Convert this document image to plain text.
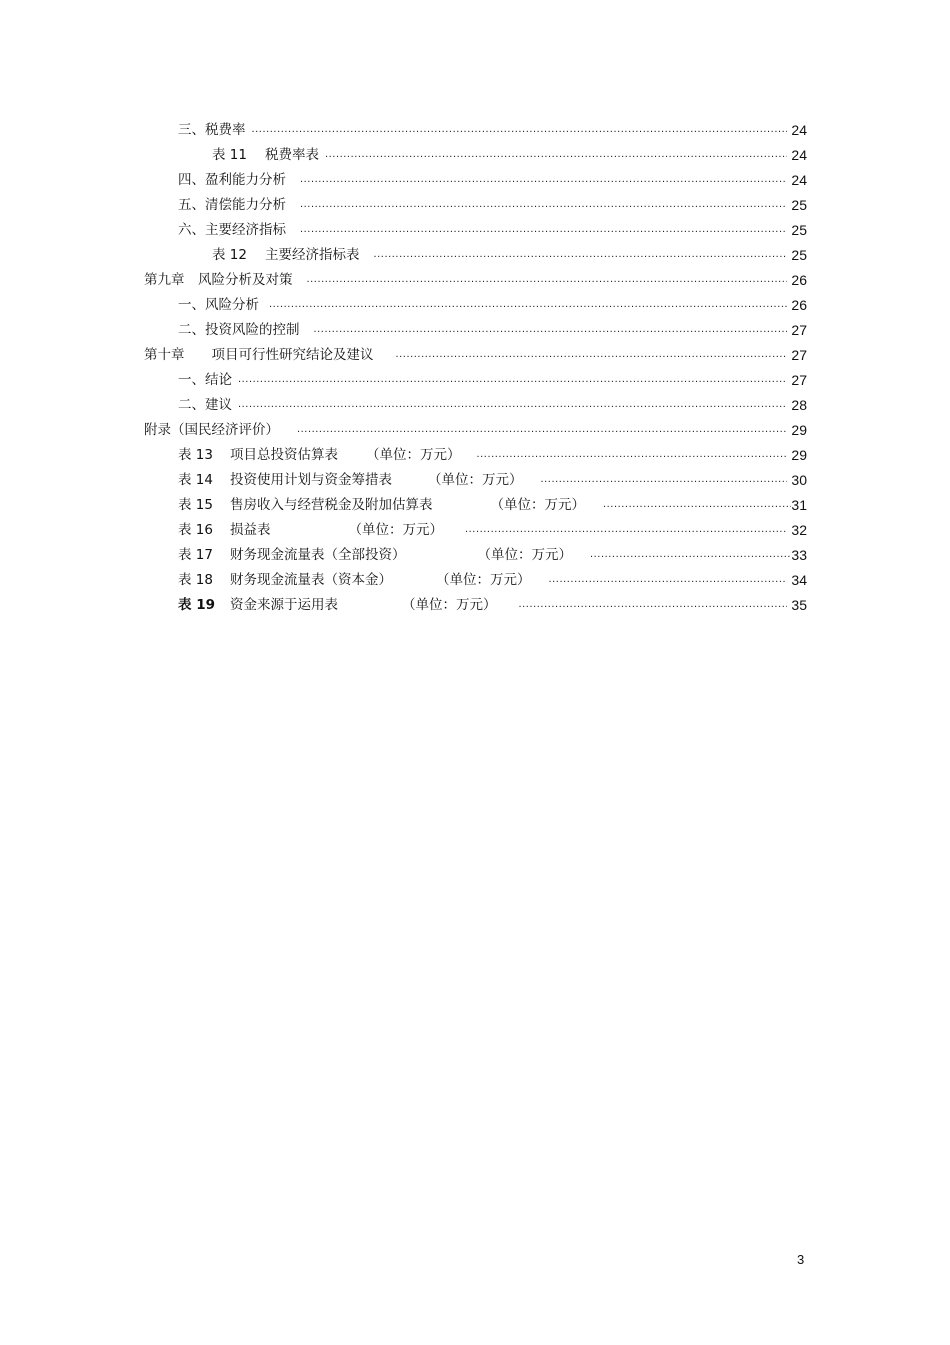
三、税费率 .....	24
表 11 税费率表 .....	24
四、盈利能力分析 .....	24
五、清偿能力分析 .....	25
六、主要经济指标 .....	25
表 12 主要经济指标表 .....	25
第九章　风险分析及对策 .....	26
一、风险分析 .....	26
二、投资风险的控制 .....	27
第十章　　项目可行性研究结论及建议 .....	27
一、结论 .....	27
二、建议 .....	28
附录（国民经济评价） .....	29
表 13	项目总投资估算表 （单位：万元） .....	29
表 14	投资使用计划与资金筹措表	（单位：万元） .....	30
表 15	售房收入与经营税金及附加估算表	（单位：万元） .....	31
表 16	损益表	（单位：万元） .....	32
表 17	财务现金流量表（全部投资）	（单位：万元） .....	33
表 18	财务现金流量表（资本金）	（单位：万元） .....	34
表 19	资金来源于运用表	（单位：万元） .....	35
3
